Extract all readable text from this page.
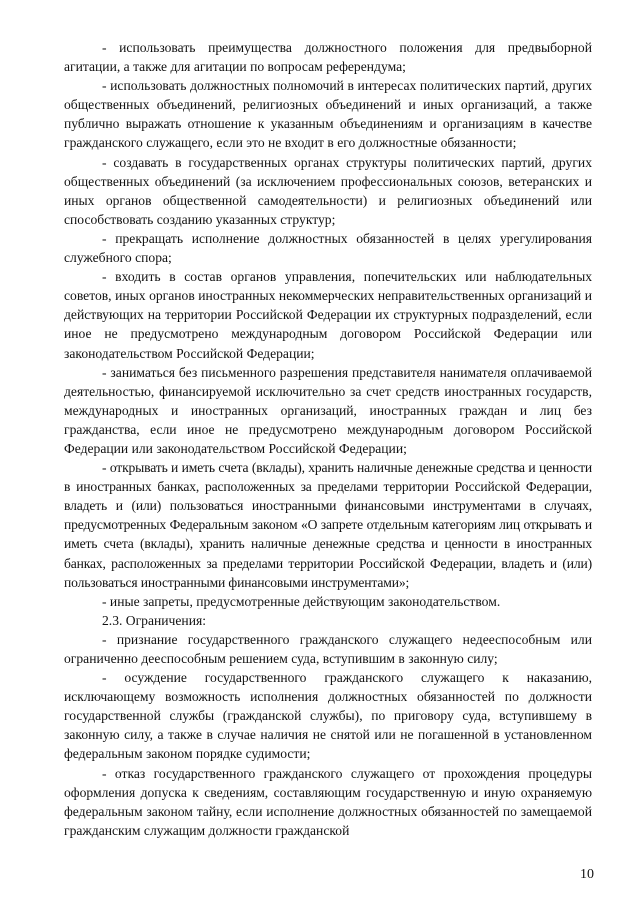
- использовать преимущества должностного положения для предвыборной агитации, а также для агитации по вопросам референдума;

- использовать должностных полномочий в интересах политических партий, других общественных объединений, религиозных объединений и иных организаций, а также публично выражать отношение к указанным объединениям и организациям в качестве гражданского служащего, если это не входит в его должностные обязанности;

- создавать в государственных органах структуры политических партий, других общественных объединений (за исключением профессиональных союзов, ветеранских и иных органов общественной самодеятельности) и религиозных объединений или способствовать созданию указанных структур;

- прекращать исполнение должностных обязанностей в целях урегулирования служебного спора;

- входить в состав органов управления, попечительских или наблюдательных советов, иных органов иностранных некоммерческих неправительственных организаций и действующих на территории Российской Федерации их структурных подразделений, если иное не предусмотрено международным договором Российской Федерации или законодательством Российской Федерации;

- заниматься без письменного разрешения представителя нанимателя оплачиваемой деятельностью, финансируемой исключительно за счет средств иностранных государств, международных и иностранных организаций, иностранных граждан и лиц без гражданства, если иное не предусмотрено международным договором Российской Федерации или законодательством Российской Федерации;

- открывать и иметь счета (вклады), хранить наличные денежные средства и ценности в иностранных банках, расположенных за пределами территории Российской Федерации, владеть и (или) пользоваться иностранными финансовыми инструментами в случаях, предусмотренных Федеральным законом «О запрете отдельным категориям лиц открывать и иметь счета (вклады), хранить наличные денежные средства и ценности в иностранных банках, расположенных за пределами территории Российской Федерации, владеть и (или) пользоваться иностранными финансовыми инструментами»;

- иные запреты, предусмотренные действующим законодательством.

2.3. Ограничения:

- признание государственного гражданского служащего недееспособным или ограниченно дееспособным решением суда, вступившим в законную силу;

- осуждение государственного гражданского служащего к наказанию, исключающему возможность исполнения должностных обязанностей по должности государственной службы (гражданской службы), по приговору суда, вступившему в законную силу, а также в случае наличия не снятой или не погашенной в установленном федеральным законом порядке судимости;

- отказ государственного гражданского служащего от прохождения процедуры оформления допуска к сведениям, составляющим государственную и иную охраняемую федеральным законом тайну, если исполнение должностных обязанностей по замещаемой гражданским служащим должности гражданской

10
